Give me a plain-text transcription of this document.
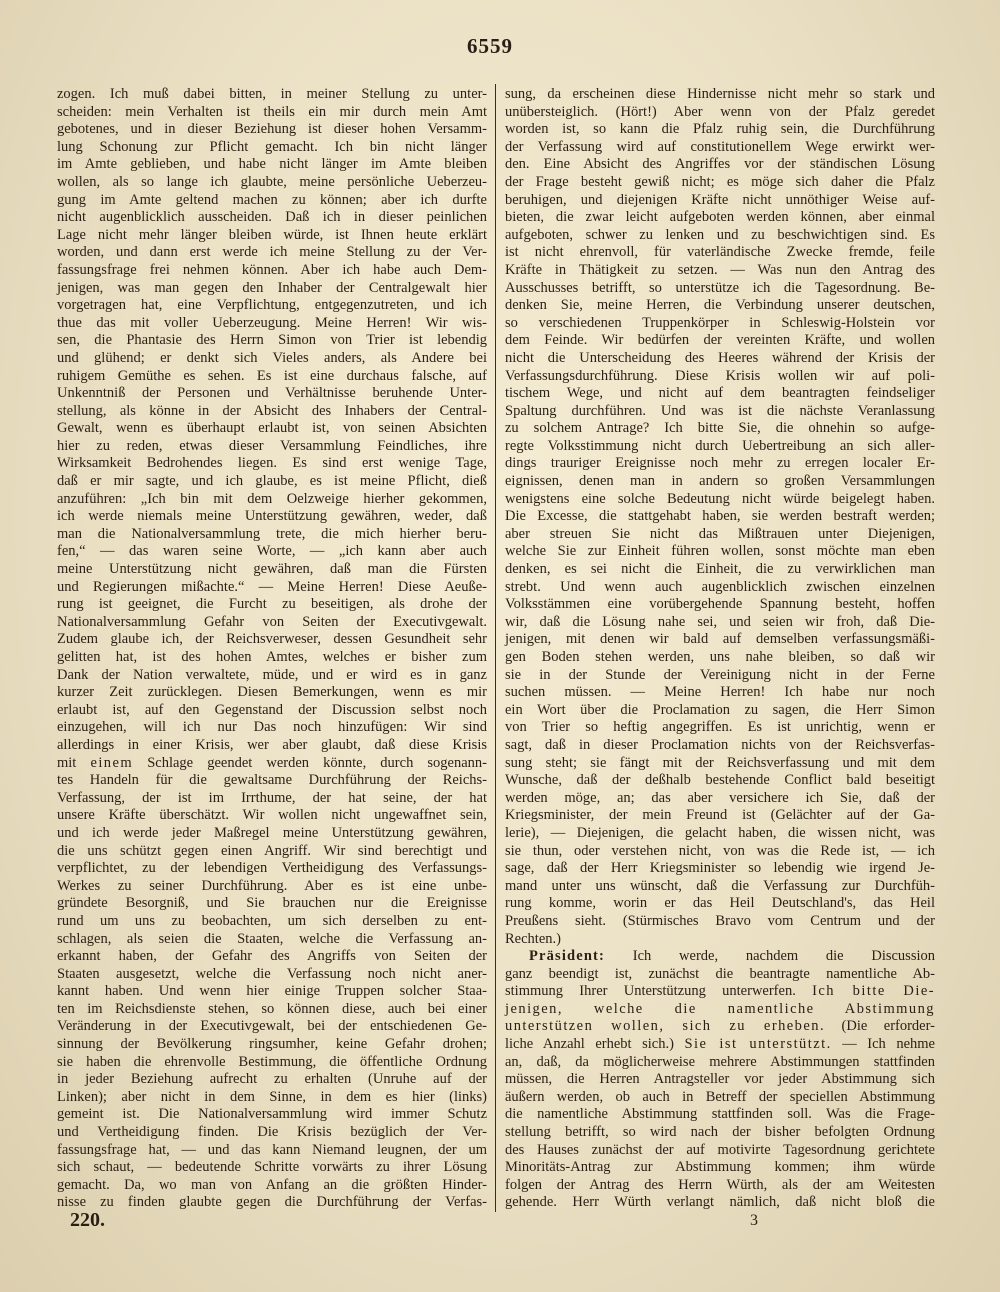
6559
zogen. Ich muß dabei bitten, in meiner Stellung zu unter-
scheiden: mein Verhalten ist theils ein mir durch mein Amt
gebotenes, und in dieser Beziehung ist dieser hohen Versamm-
lung Schonung zur Pflicht gemacht. Ich bin nicht länger
im Amte geblieben, und habe nicht länger im Amte bleiben
wollen, als so lange ich glaubte, meine persönliche Ueberzeu-
gung im Amte geltend machen zu können; aber ich durfte
nicht augenblicklich ausscheiden. Daß ich in dieser peinlichen
Lage nicht mehr länger bleiben würde, ist Ihnen heute erklärt
worden, und dann erst werde ich meine Stellung zu der Ver-
fassungsfrage frei nehmen können. Aber ich habe auch Dem-
jenigen, was man gegen den Inhaber der Centralgewalt hier
vorgetragen hat, eine Verpflichtung, entgegenzutreten, und ich
thue das mit voller Ueberzeugung. Meine Herren! Wir wis-
sen, die Phantasie des Herrn Simon von Trier ist lebendig
und glühend; er denkt sich Vieles anders, als Andere bei
ruhigem Gemüthe es sehen. Es ist eine durchaus falsche, auf
Unkenntniß der Personen und Verhältnisse beruhende Unter-
stellung, als könne in der Absicht des Inhabers der Central-
Gewalt, wenn es überhaupt erlaubt ist, von seinen Absichten
hier zu reden, etwas dieser Versammlung Feindliches, ihre
Wirksamkeit Bedrohendes liegen. Es sind erst wenige Tage,
daß er mir sagte, und ich glaube, es ist meine Pflicht, dieß
anzuführen: „Ich bin mit dem Oelzweige hierher gekommen,
ich werde niemals meine Unterstützung gewähren, weder, daß
man die Nationalversammlung trete, die mich hierher beru-
fen,“ — das waren seine Worte, — „ich kann aber auch
meine Unterstützung nicht gewähren, daß man die Fürsten
und Regierungen mißachte.“ — Meine Herren! Diese Aeuße-
rung ist geeignet, die Furcht zu beseitigen, als drohe der
Nationalversammlung Gefahr von Seiten der Executivgewalt.
Zudem glaube ich, der Reichsverweser, dessen Gesundheit sehr
gelitten hat, ist des hohen Amtes, welches er bisher zum
Dank der Nation verwaltete, müde, und er wird es in ganz
kurzer Zeit zurücklegen. Diesen Bemerkungen, wenn es mir
erlaubt ist, auf den Gegenstand der Discussion selbst noch
einzugehen, will ich nur Das noch hinzufügen: Wir sind
allerdings in einer Krisis, wer aber glaubt, daß diese Krisis
mit einem Schlage geendet werden könnte, durch sogenann-
tes Handeln für die gewaltsame Durchführung der Reichs-
Verfassung, der ist im Irrthume, der hat seine, der hat
unsere Kräfte überschätzt. Wir wollen nicht ungewaffnet sein,
und ich werde jeder Maßregel meine Unterstützung gewähren,
die uns schützt gegen einen Angriff. Wir sind berechtigt und
verpflichtet, zu der lebendigen Vertheidigung des Verfassungs-
Werkes zu seiner Durchführung. Aber es ist eine unbe-
gründete Besorgniß, und Sie brauchen nur die Ereignisse
rund um uns zu beobachten, um sich derselben zu ent-
schlagen, als seien die Staaten, welche die Verfassung an-
erkannt haben, der Gefahr des Angriffs von Seiten der
Staaten ausgesetzt, welche die Verfassung noch nicht aner-
kannt haben. Und wenn hier einige Truppen solcher Staa-
ten im Reichsdienste stehen, so können diese, auch bei einer
Veränderung in der Executivgewalt, bei der entschiedenen Ge-
sinnung der Bevölkerung ringsumher, keine Gefahr drohen;
sie haben die ehrenvolle Bestimmung, die öffentliche Ordnung
in jeder Beziehung aufrecht zu erhalten (Unruhe auf der
Linken); aber nicht in dem Sinne, in dem es hier (links)
gemeint ist. Die Nationalversammlung wird immer Schutz
und Vertheidigung finden. Die Krisis bezüglich der Ver-
fassungsfrage hat, — und das kann Niemand leugnen, der um
sich schaut, — bedeutende Schritte vorwärts zu ihrer Lösung
gemacht. Da, wo man von Anfang an die größten Hinder-
nisse zu finden glaubte gegen die Durchführung der Verfas-
sung, da erscheinen diese Hindernisse nicht mehr so stark und
unübersteiglich. (Hört!) Aber wenn von der Pfalz geredet
worden ist, so kann die Pfalz ruhig sein, die Durchführung
der Verfassung wird auf constitutionellem Wege erwirkt wer-
den. Eine Absicht des Angriffes vor der ständischen Lösung
der Frage besteht gewiß nicht; es möge sich daher die Pfalz
beruhigen, und diejenigen Kräfte nicht unnöthiger Weise auf-
bieten, die zwar leicht aufgeboten werden können, aber einmal
aufgeboten, schwer zu lenken und zu beschwichtigen sind. Es
ist nicht ehrenvoll, für vaterländische Zwecke fremde, feile
Kräfte in Thätigkeit zu setzen. — Was nun den Antrag des
Ausschusses betrifft, so unterstütze ich die Tagesordnung. Be-
denken Sie, meine Herren, die Verbindung unserer deutschen,
so verschiedenen Truppenkörper in Schleswig-Holstein vor
dem Feinde. Wir bedürfen der vereinten Kräfte, und wollen
nicht die Unterscheidung des Heeres während der Krisis der
Verfassungsdurchführung. Diese Krisis wollen wir auf poli-
tischem Wege, und nicht auf dem beantragten feindseliger
Spaltung durchführen. Und was ist die nächste Veranlassung
zu solchem Antrage? Ich bitte Sie, die ohnehin so aufge-
regte Volksstimmung nicht durch Uebertreibung an sich aller-
dings trauriger Ereignisse noch mehr zu erregen localer Er-
eignissen, denen man in andern so großen Versammlungen
wenigstens eine solche Bedeutung nicht würde beigelegt haben.
Die Excesse, die stattgehabt haben, sie werden bestraft werden;
aber streuen Sie nicht das Mißtrauen unter Diejenigen,
welche Sie zur Einheit führen wollen, sonst möchte man eben
denken, es sei nicht die Einheit, die zu verwirklichen man
strebt. Und wenn auch augenblicklich zwischen einzelnen
Volksstämmen eine vorübergehende Spannung besteht, hoffen
wir, daß die Lösung nahe sei, und seien wir froh, daß Die-
jenigen, mit denen wir bald auf demselben verfassungsmäßi-
gen Boden stehen werden, uns nahe bleiben, so daß wir
sie in der Stunde der Vereinigung nicht in der Ferne
suchen müssen. — Meine Herren! Ich habe nur noch
ein Wort über die Proclamation zu sagen, die Herr Simon
von Trier so heftig angegriffen. Es ist unrichtig, wenn er
sagt, daß in dieser Proclamation nichts von der Reichsverfas-
sung steht; sie fängt mit der Reichsverfassung und mit dem
Wunsche, daß der deßhalb bestehende Conflict bald beseitigt
werden möge, an; das aber versichere ich Sie, daß der
Kriegsminister, der mein Freund ist (Gelächter auf der Ga-
lerie), — Diejenigen, die gelacht haben, die wissen nicht, was
sie thun, oder verstehen nicht, von was die Rede ist, — ich
sage, daß der Herr Kriegsminister so lebendig wie irgend Je-
mand unter uns wünscht, daß die Verfassung zur Durchfüh-
rung komme, worin er das Heil Deutschland's, das Heil
Preußens sieht. (Stürmisches Bravo vom Centrum und der
Rechten.)
Präsident: Ich werde, nachdem die Discussion
ganz beendigt ist, zunächst die beantragte namentliche Ab-
stimmung Ihrer Unterstützung unterwerfen. Ich bitte Die-
jenigen, welche die namentliche Abstimmung
unterstützen wollen, sich zu erheben. (Die erforder-
liche Anzahl erhebt sich.) Sie ist unterstützt. — Ich nehme
an, daß, da möglicherweise mehrere Abstimmungen stattfinden
müssen, die Herren Antragsteller vor jeder Abstimmung sich
äußern werden, ob auch in Betreff der speciellen Abstimmung
die namentliche Abstimmung stattfinden soll. Was die Frage-
stellung betrifft, so wird nach der bisher befolgten Ordnung
des Hauses zunächst der auf motivirte Tagesordnung gerichtete
Minoritäts-Antrag zur Abstimmung kommen; ihm würde
folgen der Antrag des Herrn Würth, als der am Weitesten
gehende. Herr Würth verlangt nämlich, daß nicht bloß die
220.	3
